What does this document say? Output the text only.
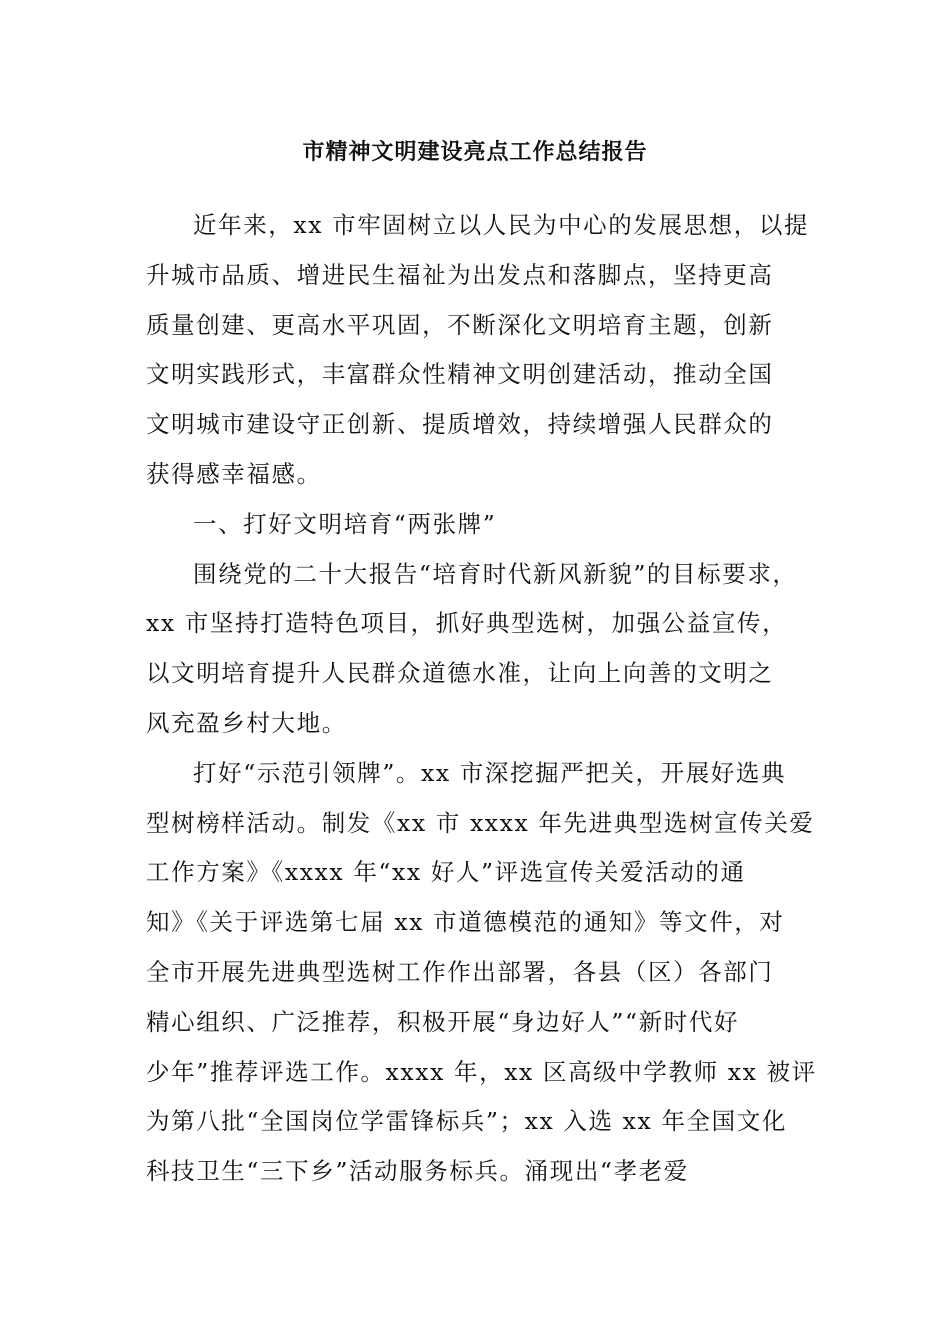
市精神文明建设亮点工作总结报告
近年来，xx 市牢固树立以人民为中心的发展思想，以提
升城市品质、增进民生福祉为出发点和落脚点，坚持更高
质量创建、更高水平巩固，不断深化文明培育主题，创新
文明实践形式，丰富群众性精神文明创建活动，推动全国
文明城市建设守正创新、提质增效，持续增强人民群众的
获得感幸福感。
一、打好文明培育“两张牌”
围绕党的二十大报告“培育时代新风新貌”的目标要求，
xx 市坚持打造特色项目，抓好典型选树，加强公益宣传，
以文明培育提升人民群众道德水准，让向上向善的文明之
风充盈乡村大地。
打好“示范引领牌”。xx 市深挖掘严把关，开展好选典
型树榜样活动。制发《xx 市 xxxx 年先进典型选树宣传关爱
工作方案》《xxxx 年“xx 好人”评选宣传关爱活动的通
知》《关于评选第七届 xx 市道德模范的通知》等文件，对
全市开展先进典型选树工作作出部署，各县（区）各部门
精心组织、广泛推荐，积极开展“身边好人”“新时代好
少年”推荐评选工作。xxxx 年，xx 区高级中学教师 xx 被评
为第八批“全国岗位学雷锋标兵”；xx 入选 xx 年全国文化
科技卫生“三下乡”活动服务标兵。涌现出“孝老爱
